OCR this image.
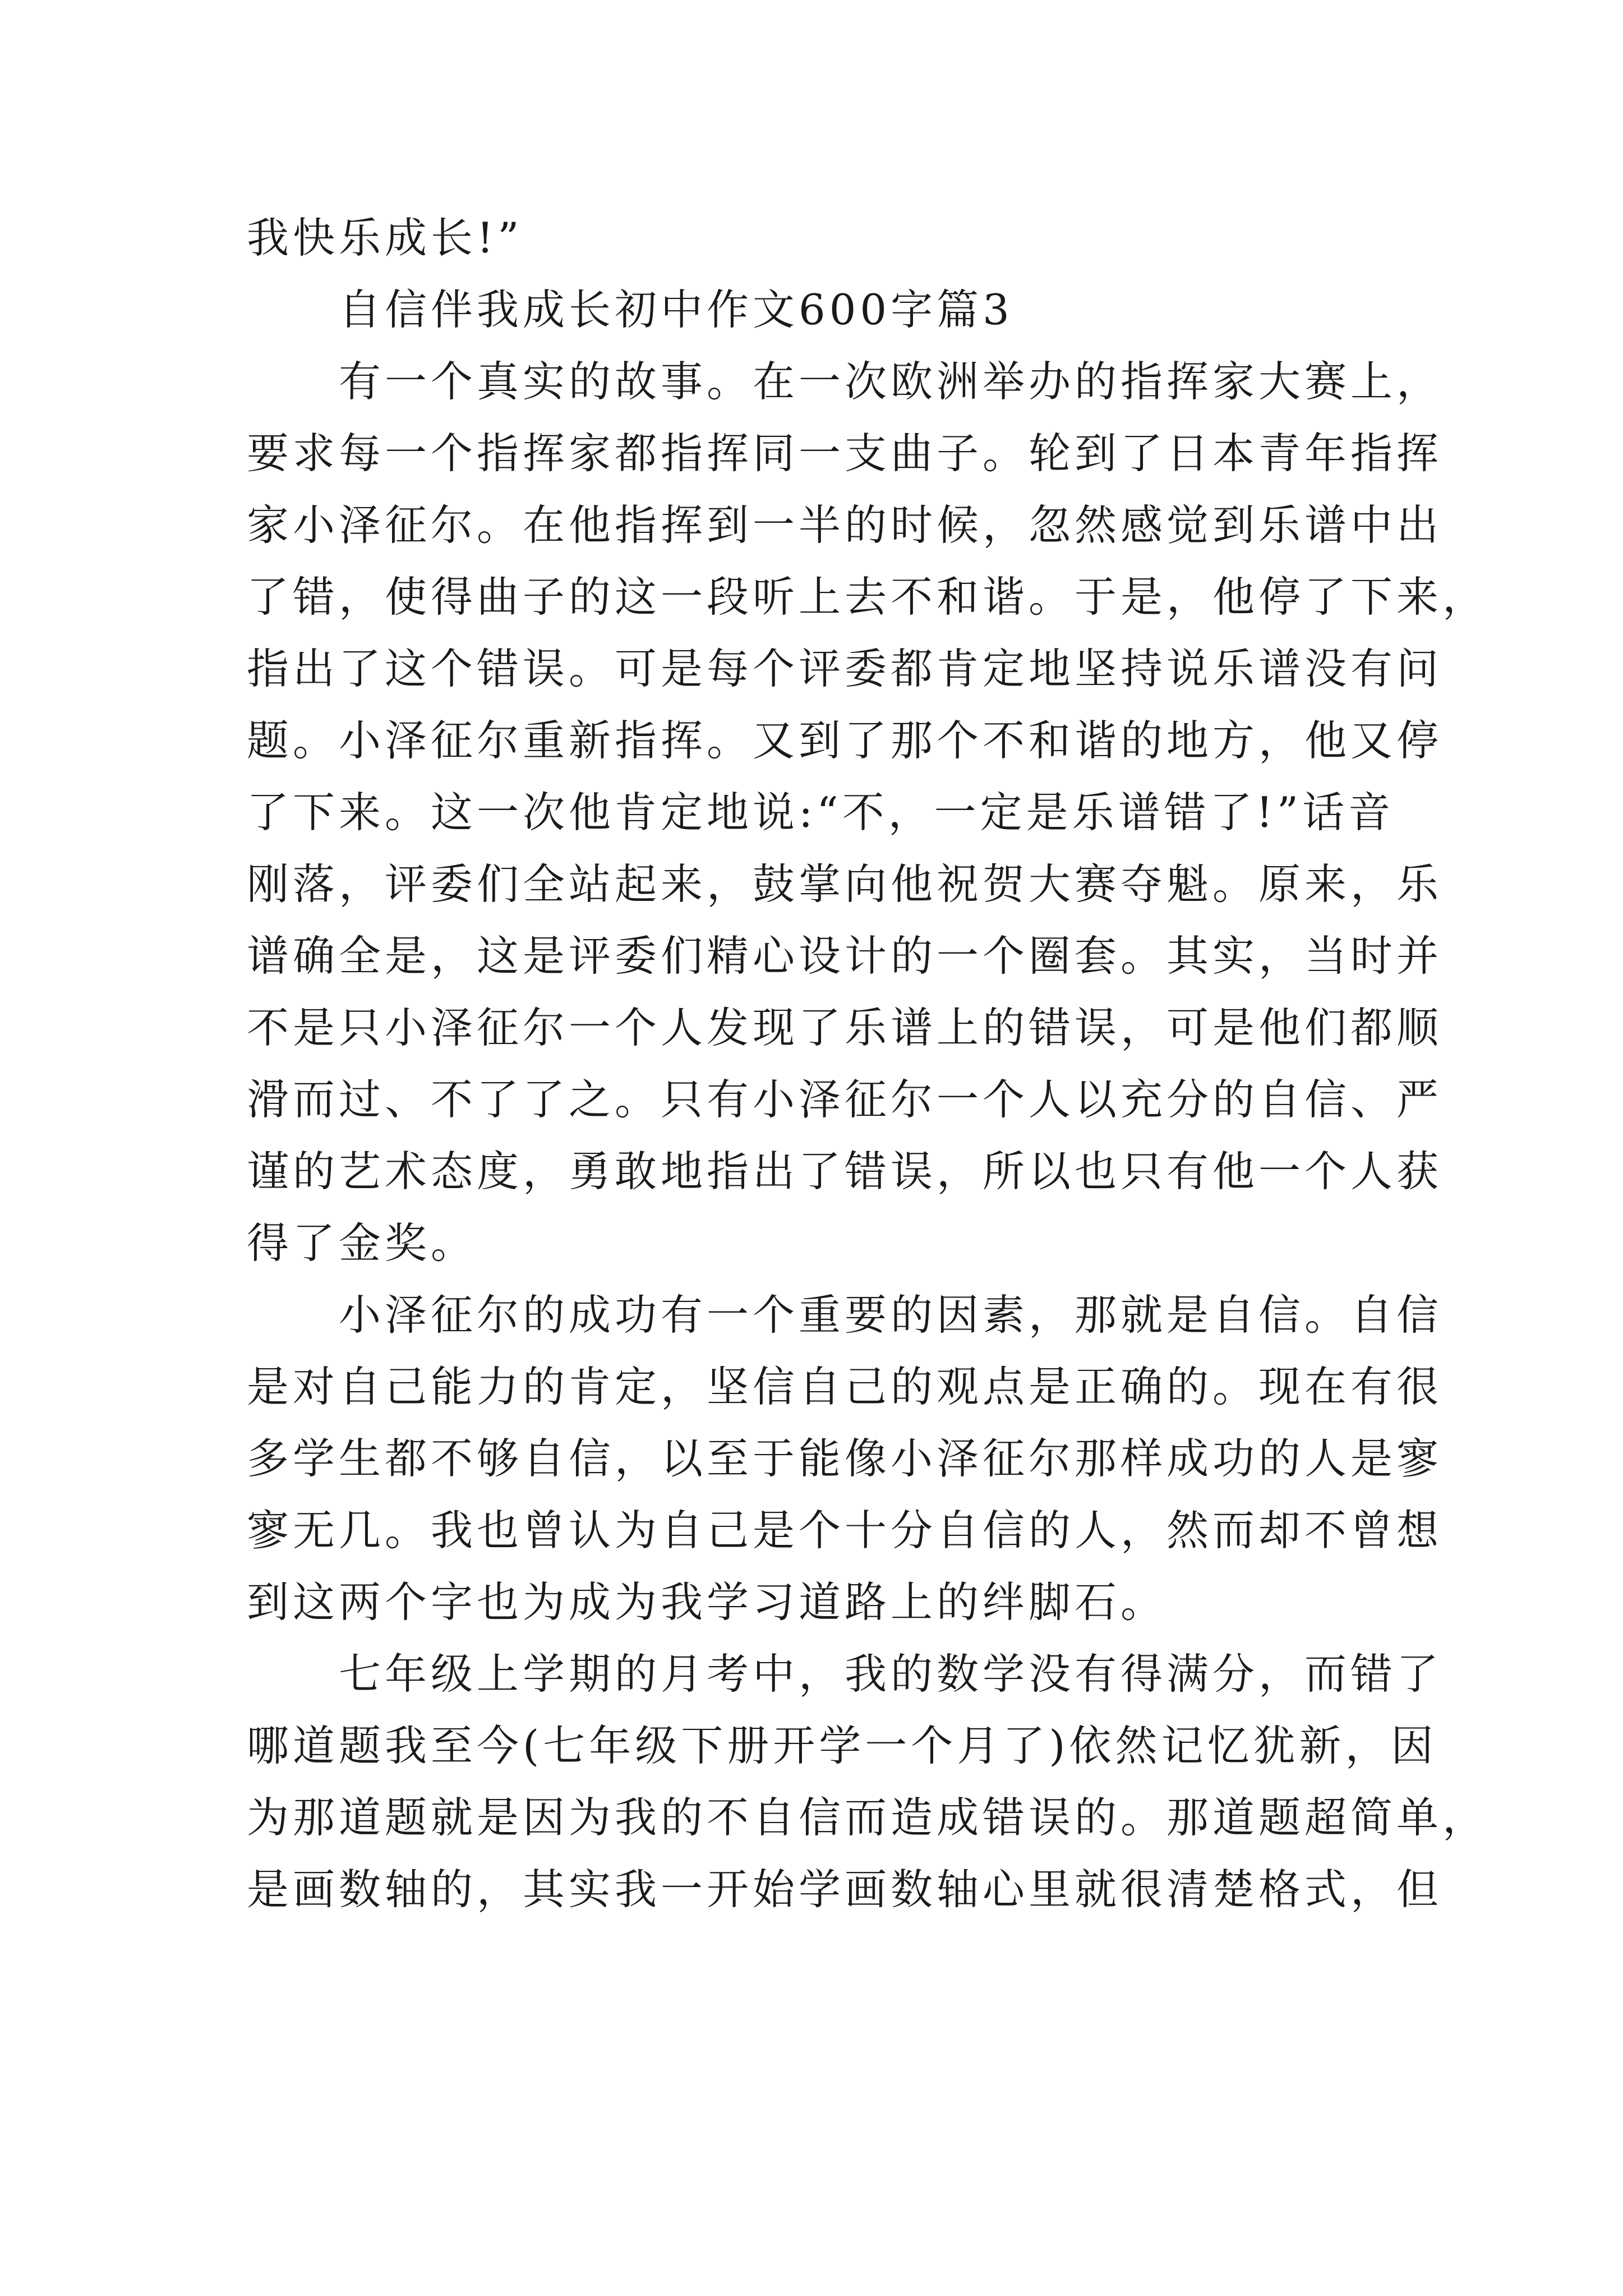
我快乐成长!”

自信伴我成长初中作文600字篇3

有一个真实的故事。在一次欧洲举办的指挥家大赛上，

要求每一个指挥家都指挥同一支曲子。轮到了日本青年指挥

家小泽征尔。在他指挥到一半的时候，忽然感觉到乐谱中出

了错，使得曲子的这一段听上去不和谐。于是，他停了下来，

指出了这个错误。可是每个评委都肯定地坚持说乐谱没有问

题。小泽征尔重新指挥。又到了那个不和谐的地方，他又停

了下来。这一次他肯定地说:“不，一定是乐谱错了!”话音

刚落，评委们全站起来，鼓掌向他祝贺大赛夺魁。原来，乐

谱确全是，这是评委们精心设计的一个圈套。其实，当时并

不是只小泽征尔一个人发现了乐谱上的错误，可是他们都顺

滑而过、不了了之。只有小泽征尔一个人以充分的自信、严

谨的艺术态度，勇敢地指出了错误，所以也只有他一个人获

得了金奖。

小泽征尔的成功有一个重要的因素，那就是自信。自信

是对自己能力的肯定，坚信自己的观点是正确的。现在有很

多学生都不够自信，以至于能像小泽征尔那样成功的人是寥

寥无几。我也曾认为自己是个十分自信的人，然而却不曾想

到这两个字也为成为我学习道路上的绊脚石。

七年级上学期的月考中，我的数学没有得满分，而错了

哪道题我至今(七年级下册开学一个月了)依然记忆犹新，因

为那道题就是因为我的不自信而造成错误的。那道题超简单，

是画数轴的，其实我一开始学画数轴心里就很清楚格式，但
